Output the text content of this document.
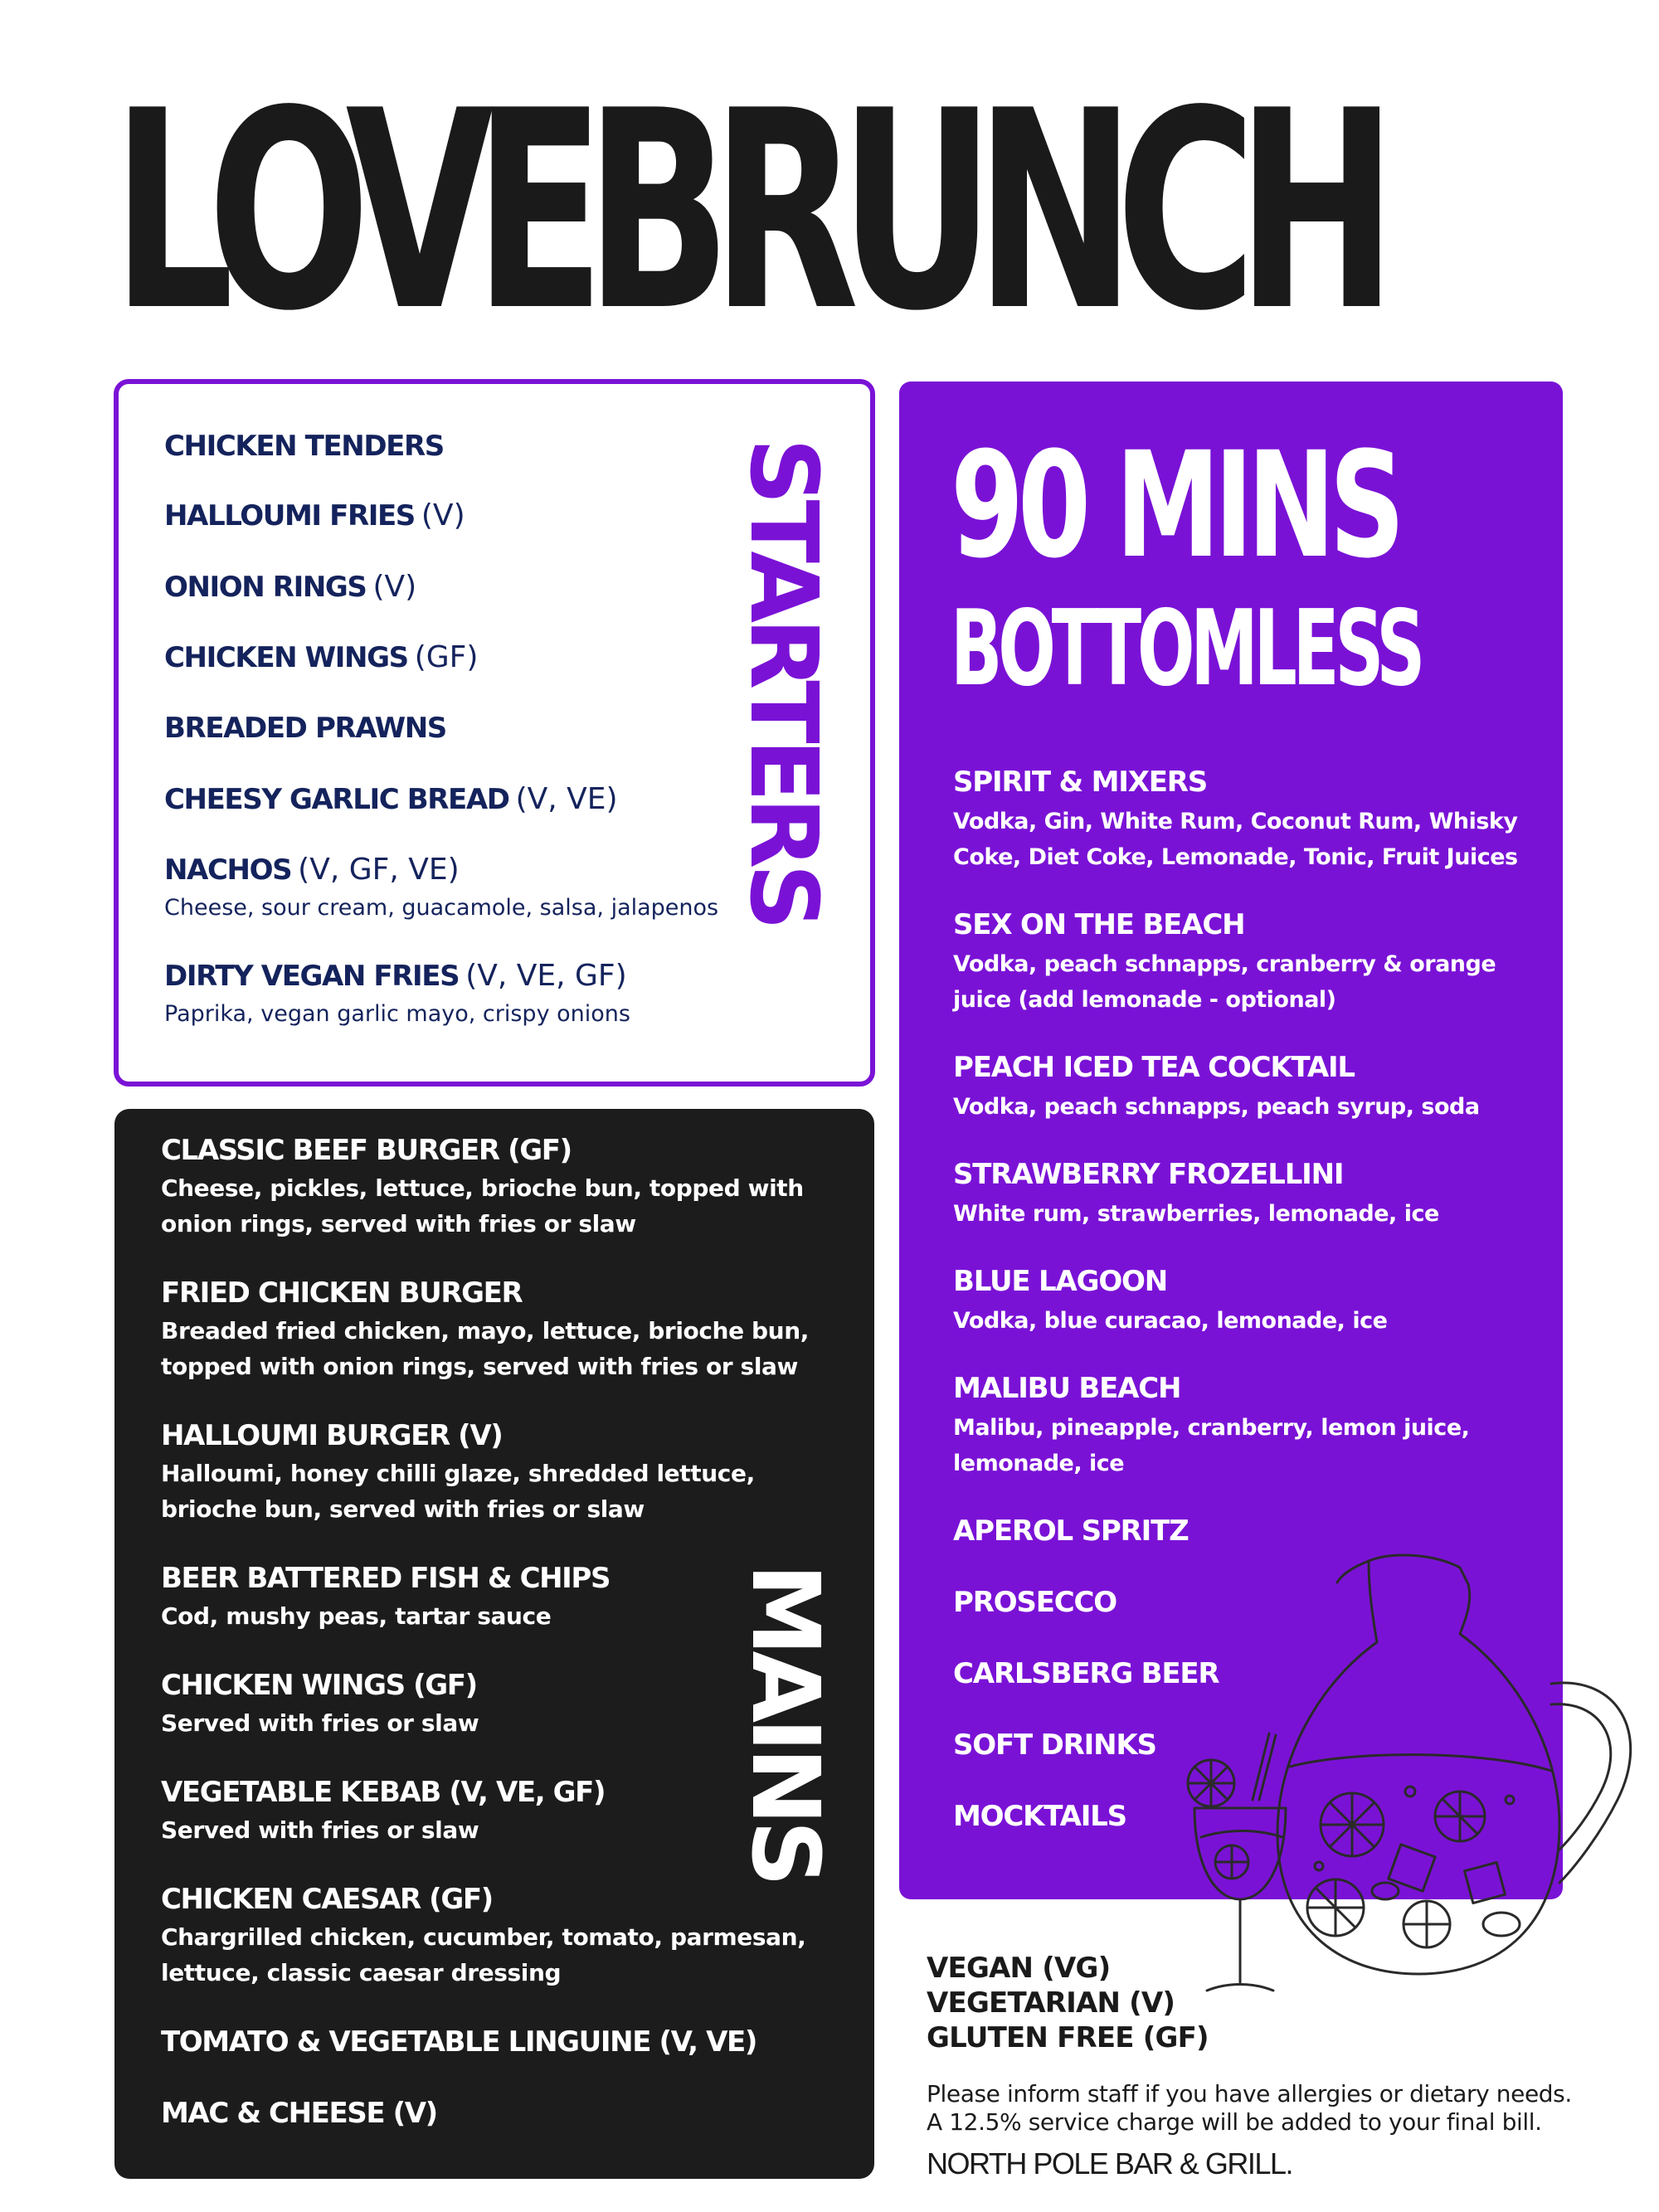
LOVEBRUNCH
CHICKEN TENDERS
HALLOUMI FRIES (V)
ONION RINGS (V)
CHICKEN WINGS (GF)
BREADED PRAWNS
CHEESY GARLIC BREAD (V, VE)
NACHOS (V, GF, VE)
Cheese, sour cream, guacamole, salsa, jalapenos
DIRTY VEGAN FRIES (V, VE, GF)
Paprika, vegan garlic mayo, crispy onions
STARTERS
CLASSIC BEEF BURGER (GF)
Cheese, pickles, lettuce, brioche bun, topped with
onion rings, served with fries or slaw
FRIED CHICKEN BURGER
Breaded fried chicken, mayo, lettuce, brioche bun,
topped with onion rings, served with fries or slaw
HALLOUMI BURGER (V)
Halloumi, honey chilli glaze, shredded lettuce,
brioche bun, served with fries or slaw
BEER BATTERED FISH & CHIPS
Cod, mushy peas, tartar sauce
CHICKEN WINGS (GF)
Served with fries or slaw
VEGETABLE KEBAB (V, VE, GF)
Served with fries or slaw
CHICKEN CAESAR (GF)
Chargrilled chicken, cucumber, tomato, parmesan,
lettuce, classic caesar dressing
TOMATO & VEGETABLE LINGUINE (V, VE)
MAC & CHEESE (V)
MAINS
90 MINS
BOTTOMLESS
SPIRIT & MIXERS
Vodka, Gin, White Rum, Coconut Rum, Whisky
Coke, Diet Coke, Lemonade, Tonic, Fruit Juices
SEX ON THE BEACH
Vodka, peach schnapps, cranberry & orange
juice (add lemonade - optional)
PEACH ICED TEA COCKTAIL
Vodka, peach schnapps, peach syrup, soda
STRAWBERRY FROZELLINI
White rum, strawberries, lemonade, ice
BLUE LAGOON
Vodka, blue curacao, lemonade, ice
MALIBU BEACH
Malibu, pineapple, cranberry, lemon juice,
lemonade, ice
APEROL SPRITZ
PROSECCO
CARLSBERG BEER
SOFT DRINKS
MOCKTAILS
VEGAN (VG)
VEGETARIAN (V)
GLUTEN FREE (GF)
Please inform staff if you have allergies or dietary needs.
A 12.5% service charge will be added to your final bill.
NORTH POLE BAR & GRILL.
